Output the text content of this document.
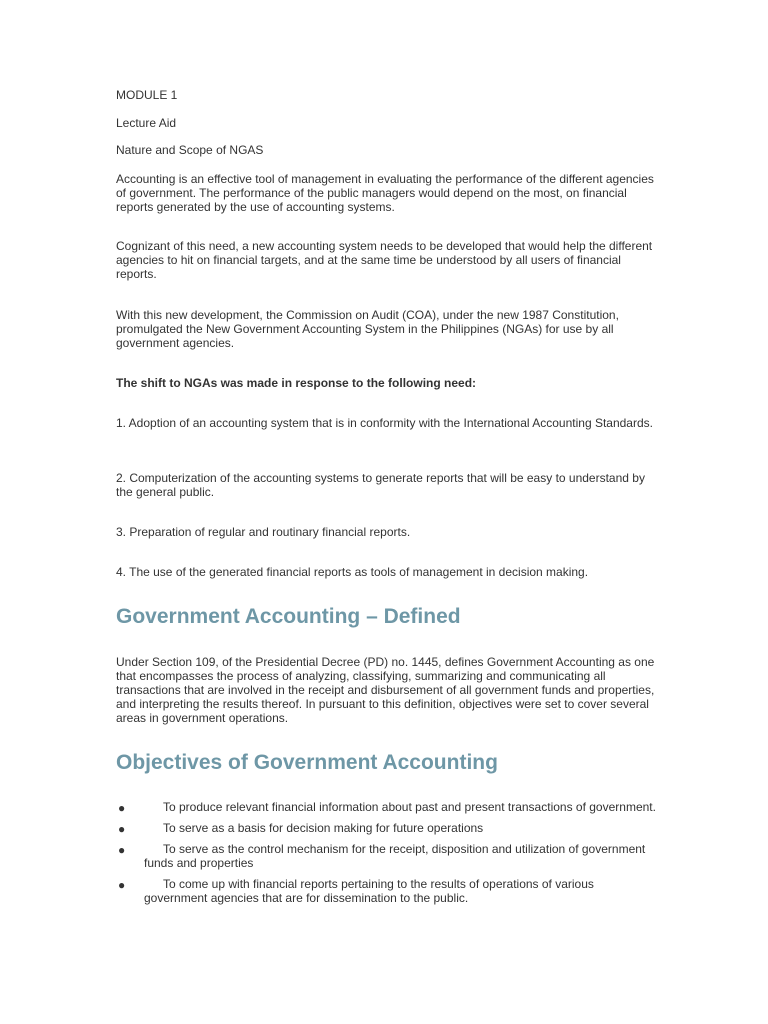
MODULE 1
Lecture Aid
Nature and Scope of NGAS

Accounting is an effective tool of management in evaluating the performance of the different agencies of government. The performance of the public managers would depend on the most, on financial reports generated by the use of accounting systems.

Cognizant of this need, a new accounting system needs to be developed that would help the different agencies to hit on financial targets, and at the same time be understood by all users of financial reports.

With this new development, the Commission on Audit (COA), under the new 1987 Constitution, promulgated the New Government Accounting System in the Philippines (NGAs) for use by all government agencies.

The shift to NGAs was made in response to the following need:

1. Adoption of an accounting system that is in conformity with the International Accounting Standards.

2. Computerization of the accounting systems to generate reports that will be easy to understand by the general public.

3. Preparation of regular and routinary financial reports.

4. The use of the generated financial reports as tools of management in decision making.

Government Accounting – Defined

Under Section 109, of the Presidential Decree (PD) no. 1445, defines Government Accounting as one that encompasses the process of analyzing, classifying, summarizing and communicating all transactions that are involved in the receipt and disbursement of all government funds and properties, and interpreting the results thereof. In pursuant to this definition, objectives were set to cover several areas in government operations.

Objectives of Government Accounting
●	To produce relevant financial information about past and present transactions of government.
●	To serve as a basis for decision making for future operations
●	To serve as the control mechanism for the receipt, disposition and utilization of government funds and properties
●	To come up with financial reports pertaining to the results of operations of various government agencies that are for dissemination to the public.
